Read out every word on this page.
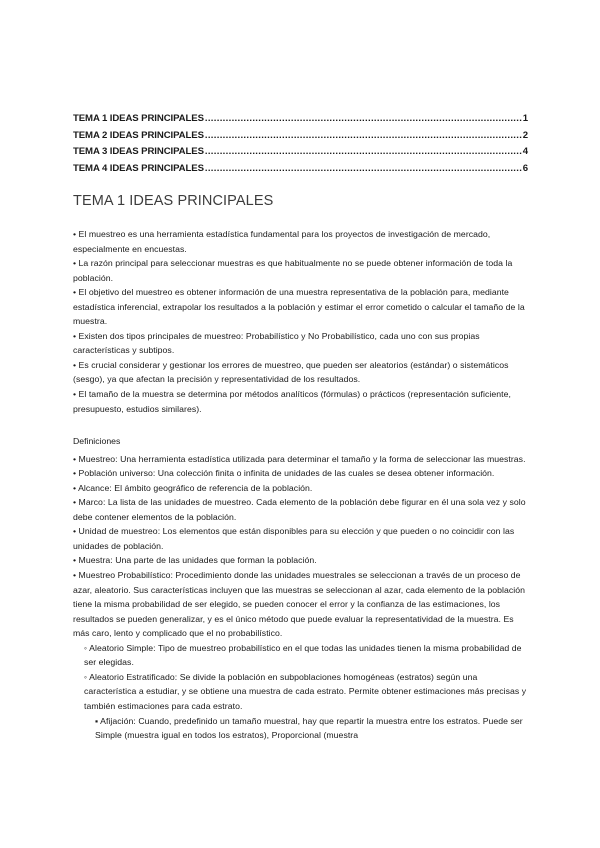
TEMA 1 IDEAS PRINCIPALES .....	1
TEMA 2 IDEAS PRINCIPALES .....	2
TEMA 3 IDEAS PRINCIPALES .....	4
TEMA 4 IDEAS PRINCIPALES .....	6
TEMA 1 IDEAS PRINCIPALES

• El muestreo es una herramienta estadística fundamental para los proyectos de investigación de mercado, especialmente en encuestas.

• La razón principal para seleccionar muestras es que habitualmente no se puede obtener información de toda la población.

• El objetivo del muestreo es obtener información de una muestra representativa de la población para, mediante estadística inferencial, extrapolar los resultados a la población y estimar el error cometido o calcular el tamaño de la muestra.

• Existen dos tipos principales de muestreo: Probabilístico y No Probabilístico, cada uno con sus propias características y subtipos.

• Es crucial considerar y gestionar los errores de muestreo, que pueden ser aleatorios (estándar) o sistemáticos (sesgo), ya que afectan la precisión y representatividad de los resultados.

• El tamaño de la muestra se determina por métodos analíticos (fórmulas) o prácticos (representación suficiente, presupuesto, estudios similares).

Definiciones

• Muestreo: Una herramienta estadística utilizada para determinar el tamaño y la forma de seleccionar las muestras.

• Población universo: Una colección finita o infinita de unidades de las cuales se desea obtener información.

• Alcance: El ámbito geográfico de referencia de la población.

• Marco: La lista de las unidades de muestreo. Cada elemento de la población debe figurar en él una sola vez y solo debe contener elementos de la población.

• Unidad de muestreo: Los elementos que están disponibles para su elección y que pueden o no coincidir con las unidades de población.

• Muestra: Una parte de las unidades que forman la población.

• Muestreo Probabilístico: Procedimiento donde las unidades muestrales se seleccionan a través de un proceso de azar, aleatorio. Sus características incluyen que las muestras se seleccionan al azar, cada elemento de la población tiene la misma probabilidad de ser elegido, se pueden conocer el error y la confianza de las estimaciones, los resultados se pueden generalizar, y es el único método que puede evaluar la representatividad de la muestra. Es más caro, lento y complicado que el no probabilístico.

◦ Aleatorio Simple: Tipo de muestreo probabilístico en el que todas las unidades tienen la misma probabilidad de ser elegidas.

◦ Aleatorio Estratificado: Se divide la población en subpoblaciones homogéneas (estratos) según una característica a estudiar, y se obtiene una muestra de cada estrato. Permite obtener estimaciones más precisas y también estimaciones para cada estrato.

▪ Afijación: Cuando, predefinido un tamaño muestral, hay que repartir la muestra entre los estratos. Puede ser Simple (muestra igual en todos los estratos), Proporcional (muestra
